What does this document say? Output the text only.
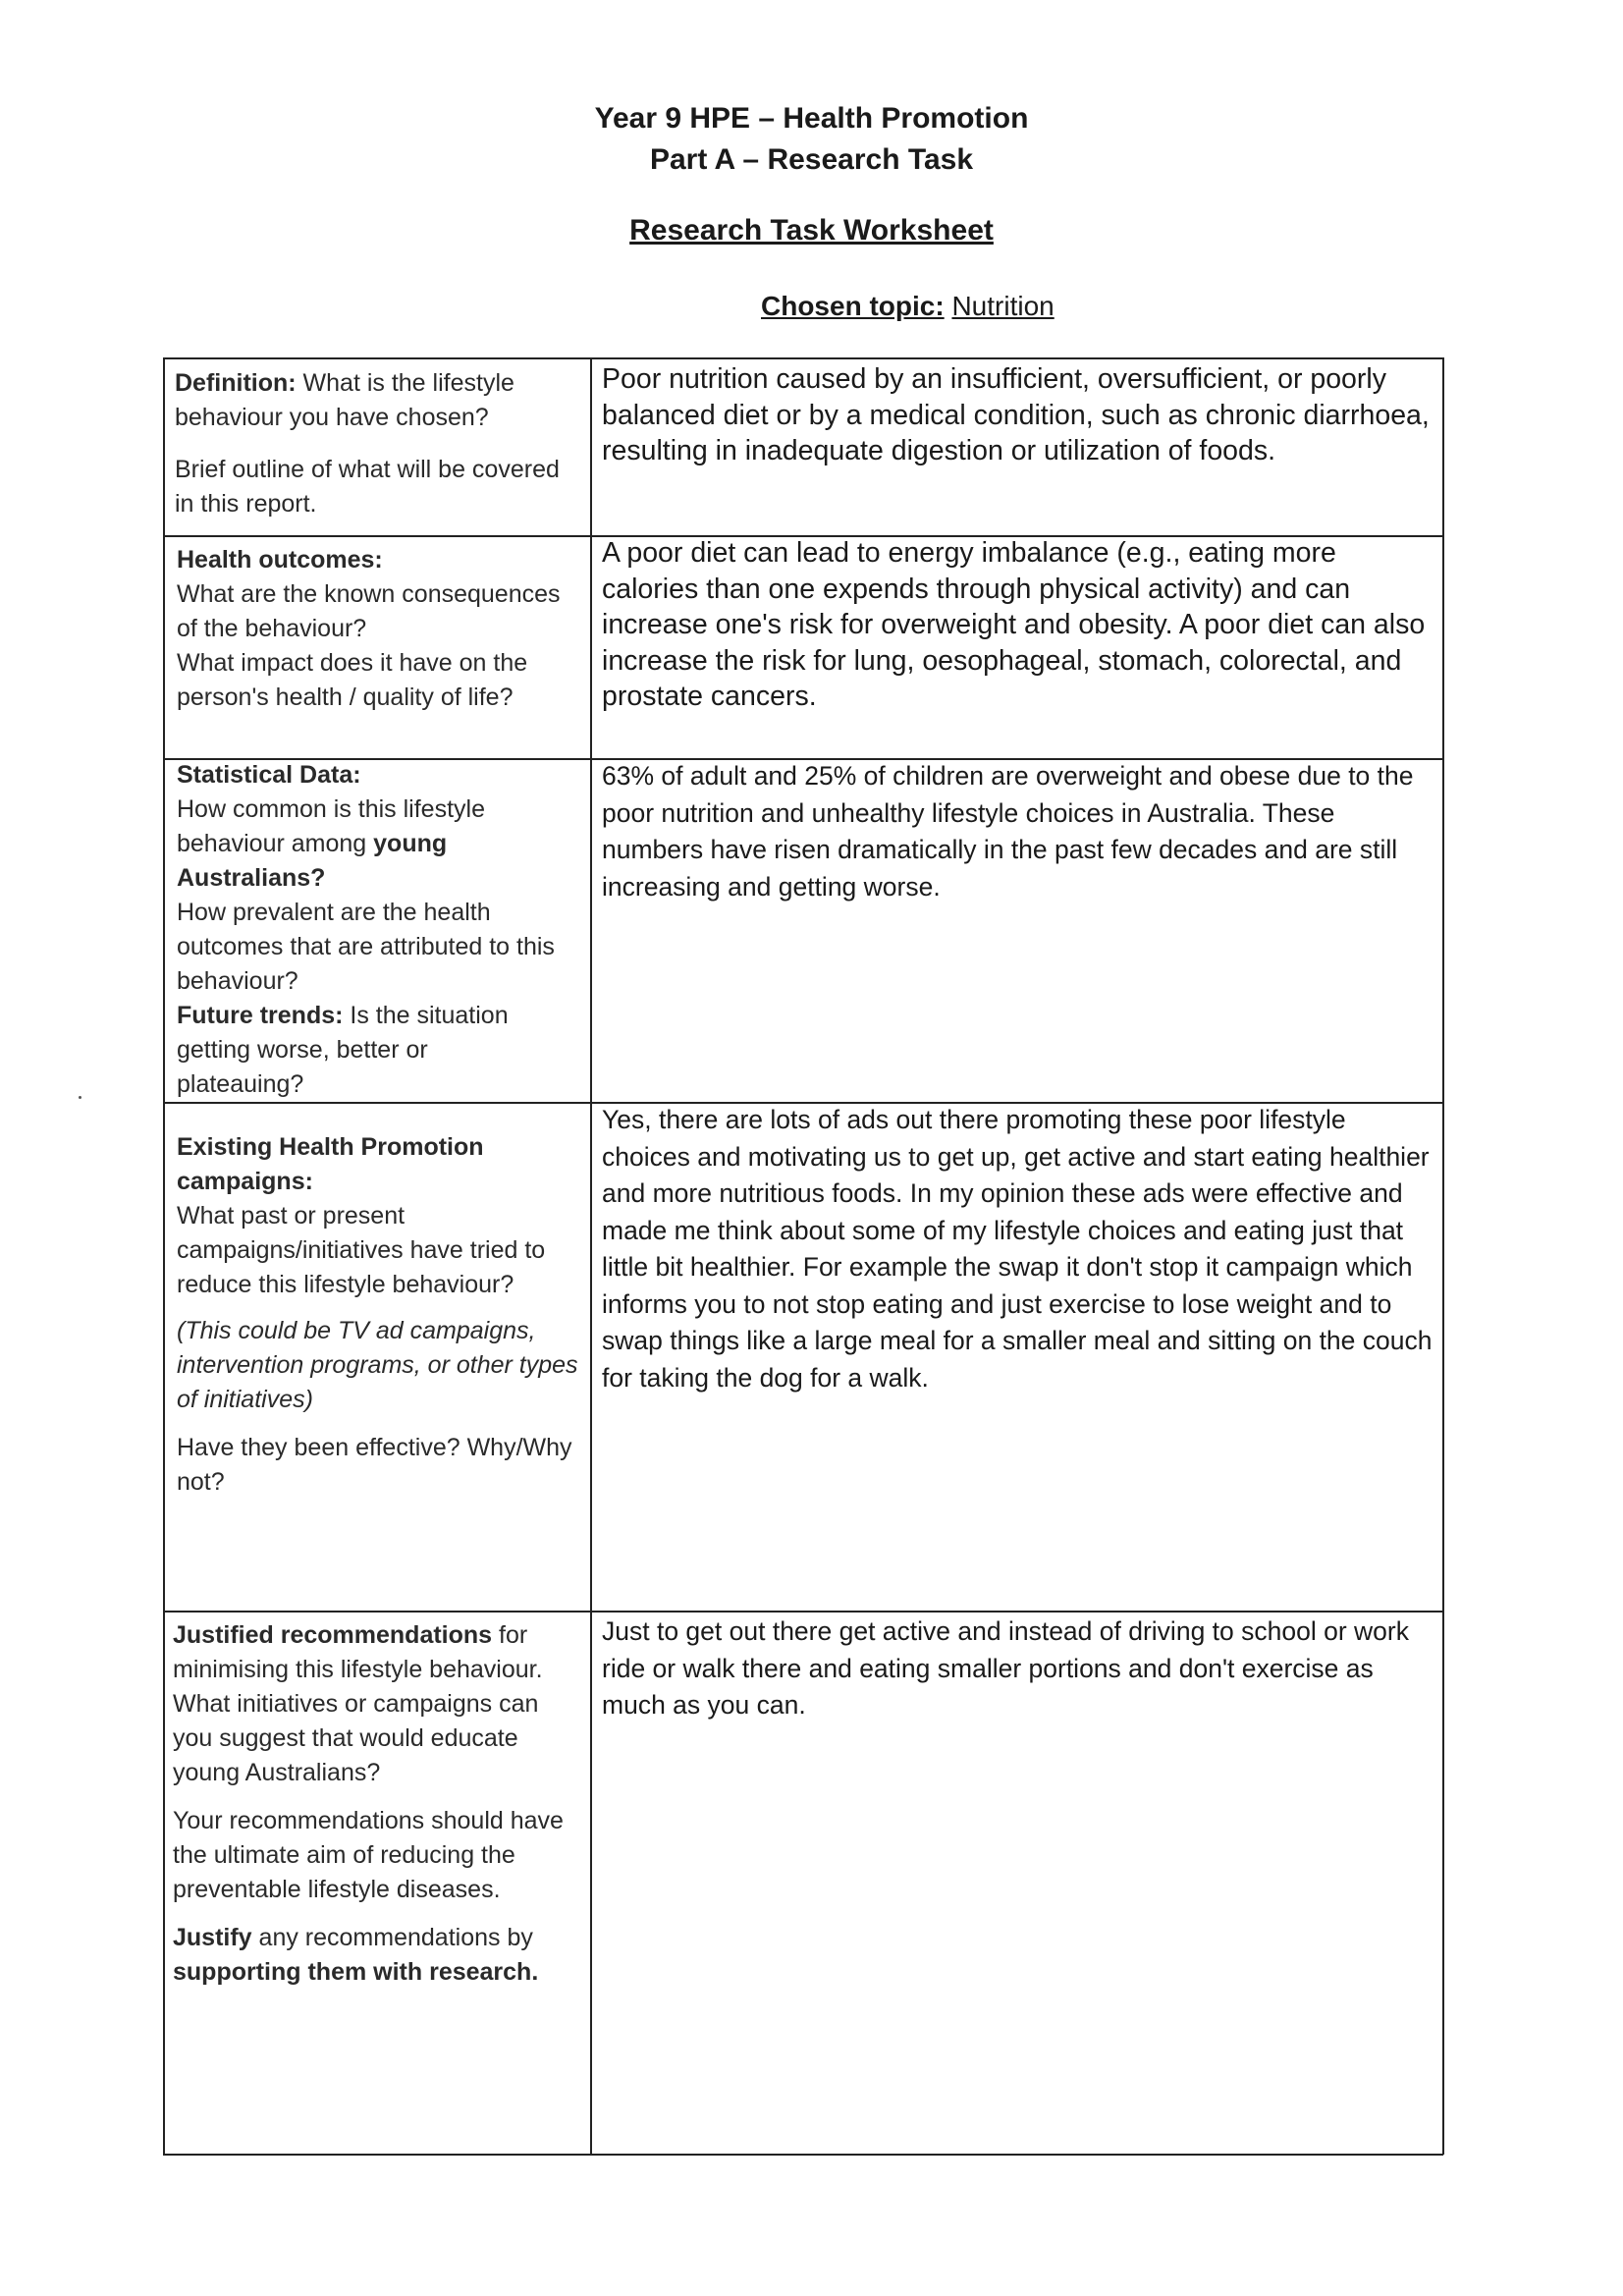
Year 9 HPE – Health Promotion
Part A – Research Task
Research Task Worksheet
Chosen topic: Nutrition

Definition: What is the lifestyle behaviour you have chosen?

Brief outline of what will be covered in this report.

Poor nutrition caused by an insufficient, oversufficient, or poorly balanced diet or by a medical condition, such as chronic diarrhoea, resulting in inadequate digestion or utilization of foods.

Health outcomes:

What are the known consequences of the behaviour?

What impact does it have on the person's health / quality of life?

A poor diet can lead to energy imbalance (e.g., eating more calories than one expends through physical activity) and can increase one's risk for overweight and obesity. A poor diet can also increase the risk for lung, oesophageal, stomach, colorectal, and prostate cancers.

Statistical Data:

How common is this lifestyle behaviour among young Australians?

How prevalent are the health outcomes that are attributed to this behaviour?

Future trends: Is the situation getting worse, better or plateauing?

63% of adult and 25% of children are overweight and obese due to the poor nutrition and unhealthy lifestyle choices in Australia. These numbers have risen dramatically in the past few decades and are still increasing and getting worse.

Existing Health Promotion campaigns:

What past or present campaigns/initiatives have tried to reduce this lifestyle behaviour?

(This could be TV ad campaigns, intervention programs, or other types of initiatives)

Have they been effective? Why/Why not?

Yes, there are lots of ads out there promoting these poor lifestyle choices and motivating us to get up, get active and start eating healthier and more nutritious foods. In my opinion these ads were effective and made me think about some of my lifestyle choices and eating just that little bit healthier. For example the swap it don't stop it campaign which informs you to not stop eating and just exercise to lose weight and to swap things like a large meal for a smaller meal and sitting on the couch for taking the dog for a walk.

Justified recommendations for minimising this lifestyle behaviour. What initiatives or campaigns can you suggest that would educate young Australians?

Your recommendations should have the ultimate aim of reducing the preventable lifestyle diseases.

Justify any recommendations by supporting them with research.

Just to get out there get active and instead of driving to school or work ride or walk there and eating smaller portions and don't exercise as much as you can.
